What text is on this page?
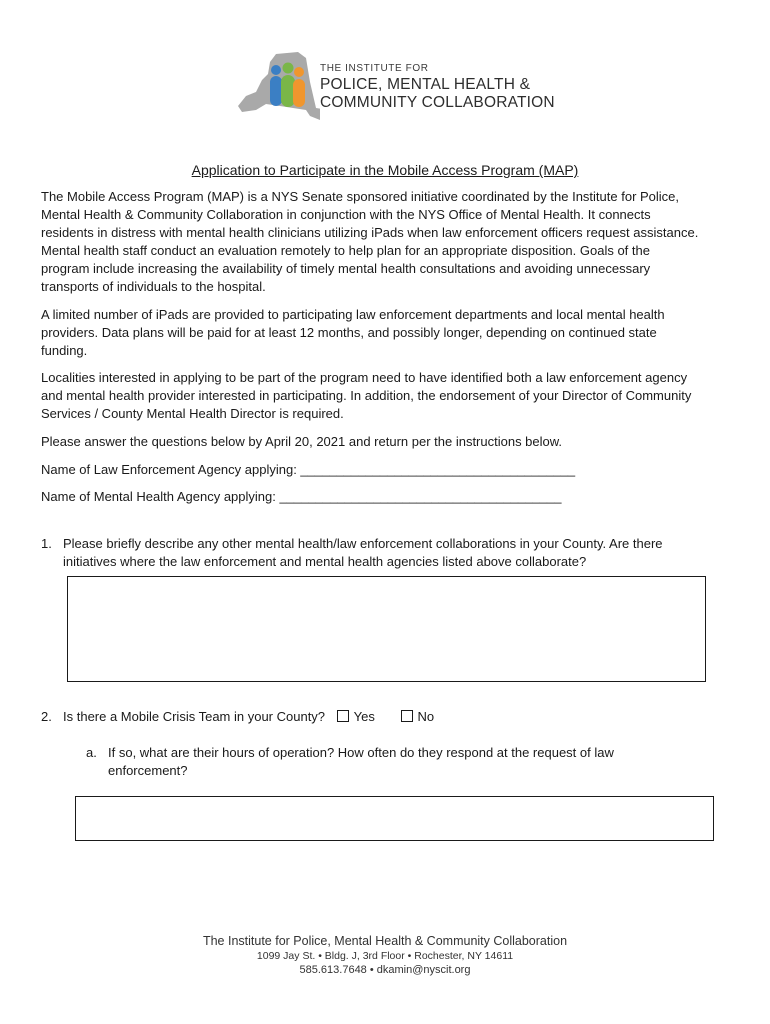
THE INSTITUTE FOR
POLICE, MENTAL HEALTH &
COMMUNITY COLLABORATION
Application to Participate in the Mobile Access Program (MAP)

The Mobile Access Program (MAP) is a NYS Senate sponsored initiative coordinated by the Institute for Police, Mental Health & Community Collaboration in conjunction with the NYS Office of Mental Health. It connects residents in distress with mental health clinicians utilizing iPads when law enforcement officers request assistance. Mental health staff conduct an evaluation remotely to help plan for an appropriate disposition. Goals of the program include increasing the availability of timely mental health consultations and avoiding unnecessary transports of individuals to the hospital.

A limited number of iPads are provided to participating law enforcement departments and local mental health providers. Data plans will be paid for at least 12 months, and possibly longer, depending on continued state funding.

Localities interested in applying to be part of the program need to have identified both a law enforcement agency and mental health provider interested in participating. In addition, the endorsement of your Director of Community Services / County Mental Health Director is required.

Please answer the questions below by April 20, 2021 and return per the instructions below.

Name of Law Enforcement Agency applying: ______________________________________
Name of Mental Health Agency applying: _______________________________________
1. Please briefly describe any other mental health/law enforcement collaborations in your County. Are there initiatives where the law enforcement and mental health agencies listed above collaborate?
2. Is there a Mobile Crisis Team in your County? Yes	No
a. If so, what are their hours of operation? How often do they respond at the request of law enforcement?
The Institute for Police, Mental Health & Community Collaboration
1099 Jay St. • Bldg. J, 3rd Floor • Rochester, NY 14611
585.613.7648 • dkamin@nyscit.org
